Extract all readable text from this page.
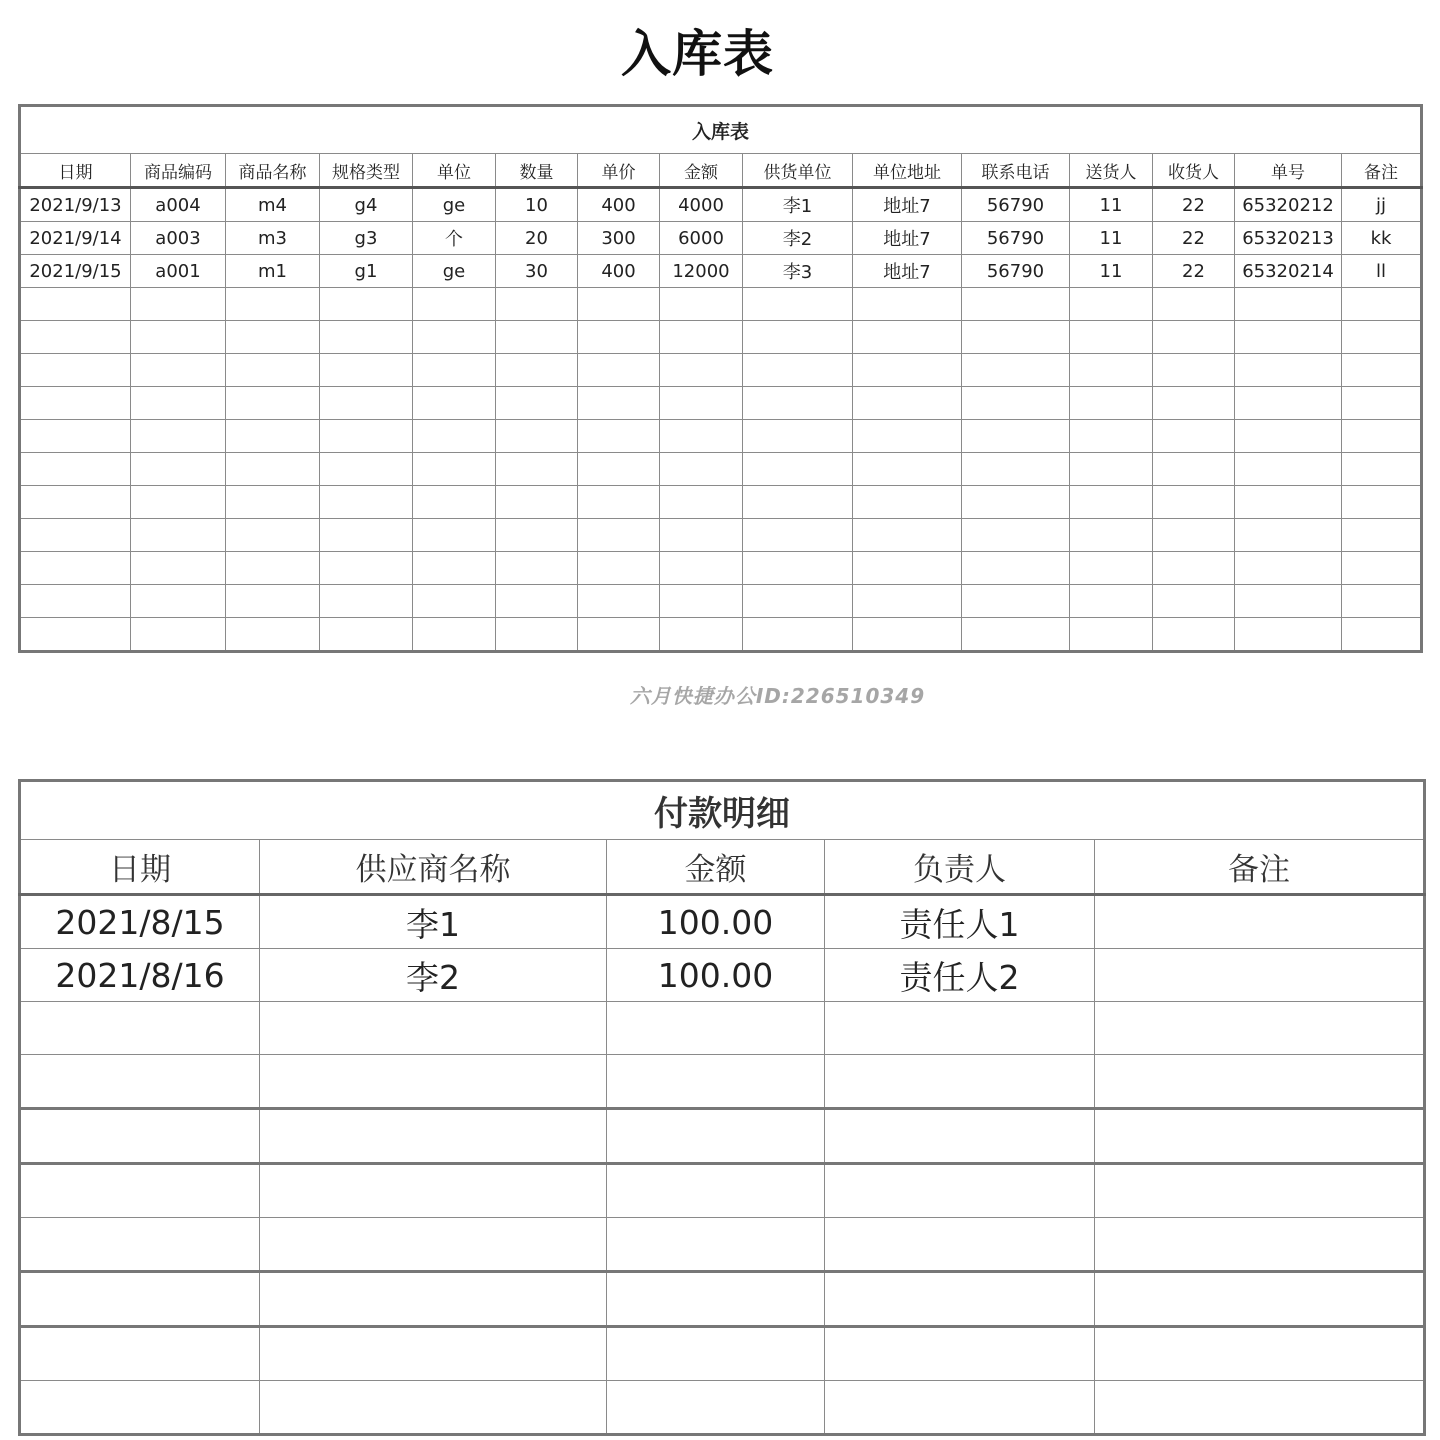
入库表
入库表														
日期	商品编码	商品名称	规格类型	单位	数量	单价	金额	供货单位	单位地址	联系电话	送货人	收货人	单号	备注
2021/9/13	a004	m4	g4	ge	10	400	4000	李1	地址7	56790	11	22	65320212	jj
2021/9/14	a003	m3	g3	个	20	300	6000	李2	地址7	56790	11	22	65320213	kk
2021/9/15	a001	m1	g1	ge	30	400	12000	李3	地址7	56790	11	22	65320214	ll

六月快捷办公ID:226510349
付款明细				
日期	供应商名称	金额	负责人	备注
2021/8/15	李1	100.00	责任人1	
2021/8/16	李2	100.00	责任人2	
